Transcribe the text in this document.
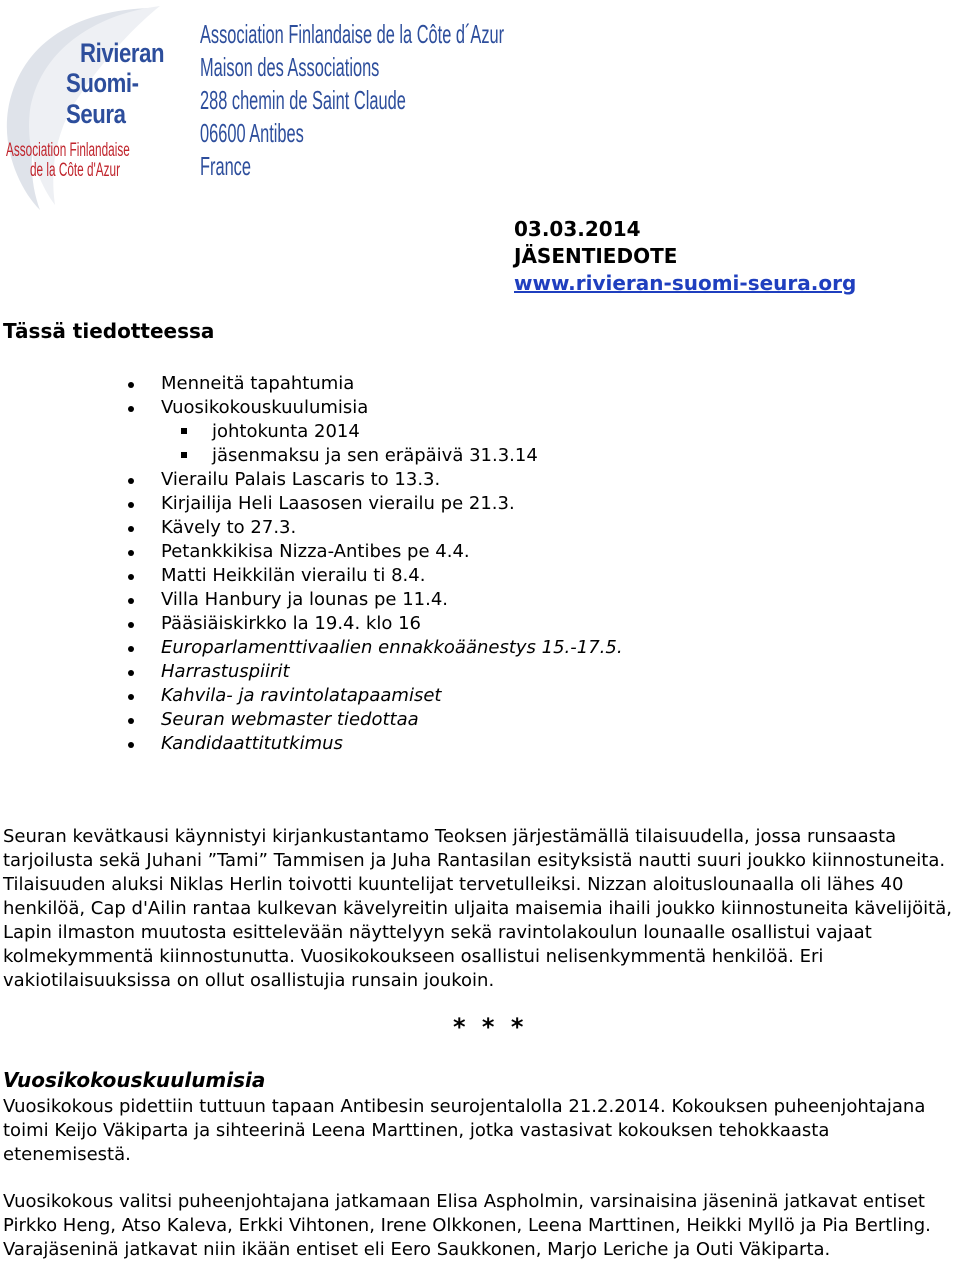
Rivieran
Suomi-Seura
Association Finlandaise
de la Côte d'Azur
Association Finlandaise de la Côte d´Azur
Maison des Associations
288 chemin de Saint Claude
06600 Antibes
France
03.03.2014
JÄSENTIEDOTE
www.rivieran-suomi-seura.org
Tässä tiedotteessa
Menneitä tapahtumia
Vuosikokouskuulumisia
johtokunta 2014
jäsenmaksu ja sen eräpäivä 31.3.14
Vierailu Palais Lascaris to 13.3.
Kirjailija Heli Laasosen vierailu pe 21.3.
Kävely to 27.3.
Petankkikisa Nizza-Antibes pe 4.4.
Matti Heikkilän vierailu ti 8.4.
Villa Hanbury ja lounas pe 11.4.
Pääsiäiskirkko la 19.4. klo 16
Europarlamenttivaalien ennakkoäänestys 15.-17.5.
Harrastuspiirit
Kahvila- ja ravintolatapaamiset
Seuran webmaster tiedottaa
Kandidaattitutkimus

Seuran kevätkausi käynnistyi kirjankustantamo Teoksen järjestämällä tilaisuudella, jossa runsaasta tarjoilusta sekä Juhani ”Tami” Tammisen ja Juha Rantasilan esityksistä nautti suuri joukko kiinnostuneita. Tilaisuuden aluksi Niklas Herlin toivotti kuuntelijat tervetulleiksi. Nizzan aloituslounaalla oli lähes 40 henkilöä, Cap d'Ailin rantaa kulkevan kävelyreitin uljaita maisemia ihaili joukko kiinnostuneita kävelijöitä, Lapin ilmaston muutosta esittelevään näyttelyyn sekä ravintolakoulun lounaalle osallistui vajaat kolmekymmentä kiinnostunutta. Vuosikokoukseen osallistui nelisenkymmentä henkilöä. Eri vakiotilaisuuksissa on ollut osallistujia runsain joukoin.

* * *
Vuosikokouskuulumisia

Vuosikokous pidettiin tuttuun tapaan Antibesin seurojentalolla 21.2.2014. Kokouksen puheenjohtajana toimi Keijo Väkiparta ja sihteerinä Leena Marttinen, jotka vastasivat kokouksen tehokkaasta etenemisestä.

Vuosikokous valitsi puheenjohtajana jatkamaan Elisa Aspholmin, varsinaisina jäseninä jatkavat entiset Pirkko Heng, Atso Kaleva, Erkki Vihtonen, Irene Olkkonen, Leena Marttinen, Heikki Myllö ja Pia Bertling. Varajäseninä jatkavat niin ikään entiset eli Eero Saukkonen, Marjo Leriche ja Outi Väkiparta.
